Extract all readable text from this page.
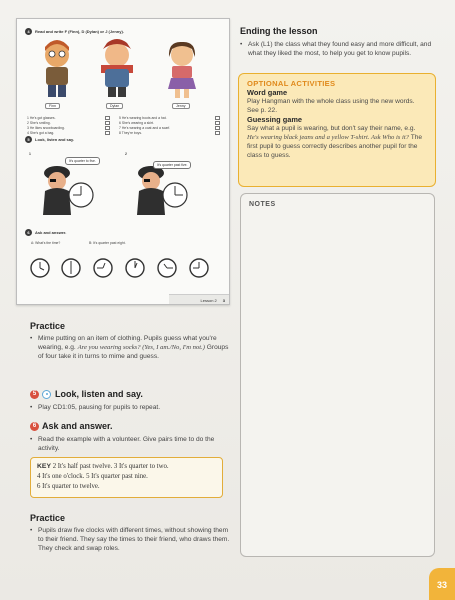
4 Read and write F (Finn), D (Dylan) or J (Jenny).
Finn	Dylan	Jenny
1 He's got glasses.
2 She's smiling.
3 He likes snowboarding.
4 She's got a bag.
5 He's wearing boots and a hat.
6 She's wearing a skirt.
7 He's wearing a coat and a scarf.
8 They're boys.
5 Look, listen and say.
1
It's quarter to five.
2
It's quarter past five.
6 Ask and answer.
A: What's the time?	B: It's quarter past eight.
Lesson 2 3
Ending the lesson
• Ask (L1) the class what they found easy and more difficult, and what they liked the most, to help you get to know pupils.
OPTIONAL ACTIVITIES
Word game
Play Hangman with the whole class using the new words. See p. 22.
Guessing game
Say what a pupil is wearing, but don't say their name, e.g. He's wearing black jeans and a yellow T-shirt. Ask Who is it? The first pupil to guess correctly describes another pupil for the class to guess.
NOTES
Practice
• Mime putting on an item of clothing. Pupils guess what you're wearing, e.g. Are you wearing socks? (Yes, I am./No, I'm not.) Groups of four take it in turns to mime and guess.
5	Look, listen and say.
• Play CD1:05, pausing for pupils to repeat.
6 Ask and answer.
• Read the example with a volunteer. Give pairs time to do the activity.
KEY 2 It's half past twelve. 3 It's quarter to two.
4 It's one o'clock. 5 It's quarter past nine.
6 It's quarter to twelve.
Practice
• Pupils draw five clocks with different times, without showing them to their friend. They say the times to their friend, who draws them. They check and swap roles.
33
